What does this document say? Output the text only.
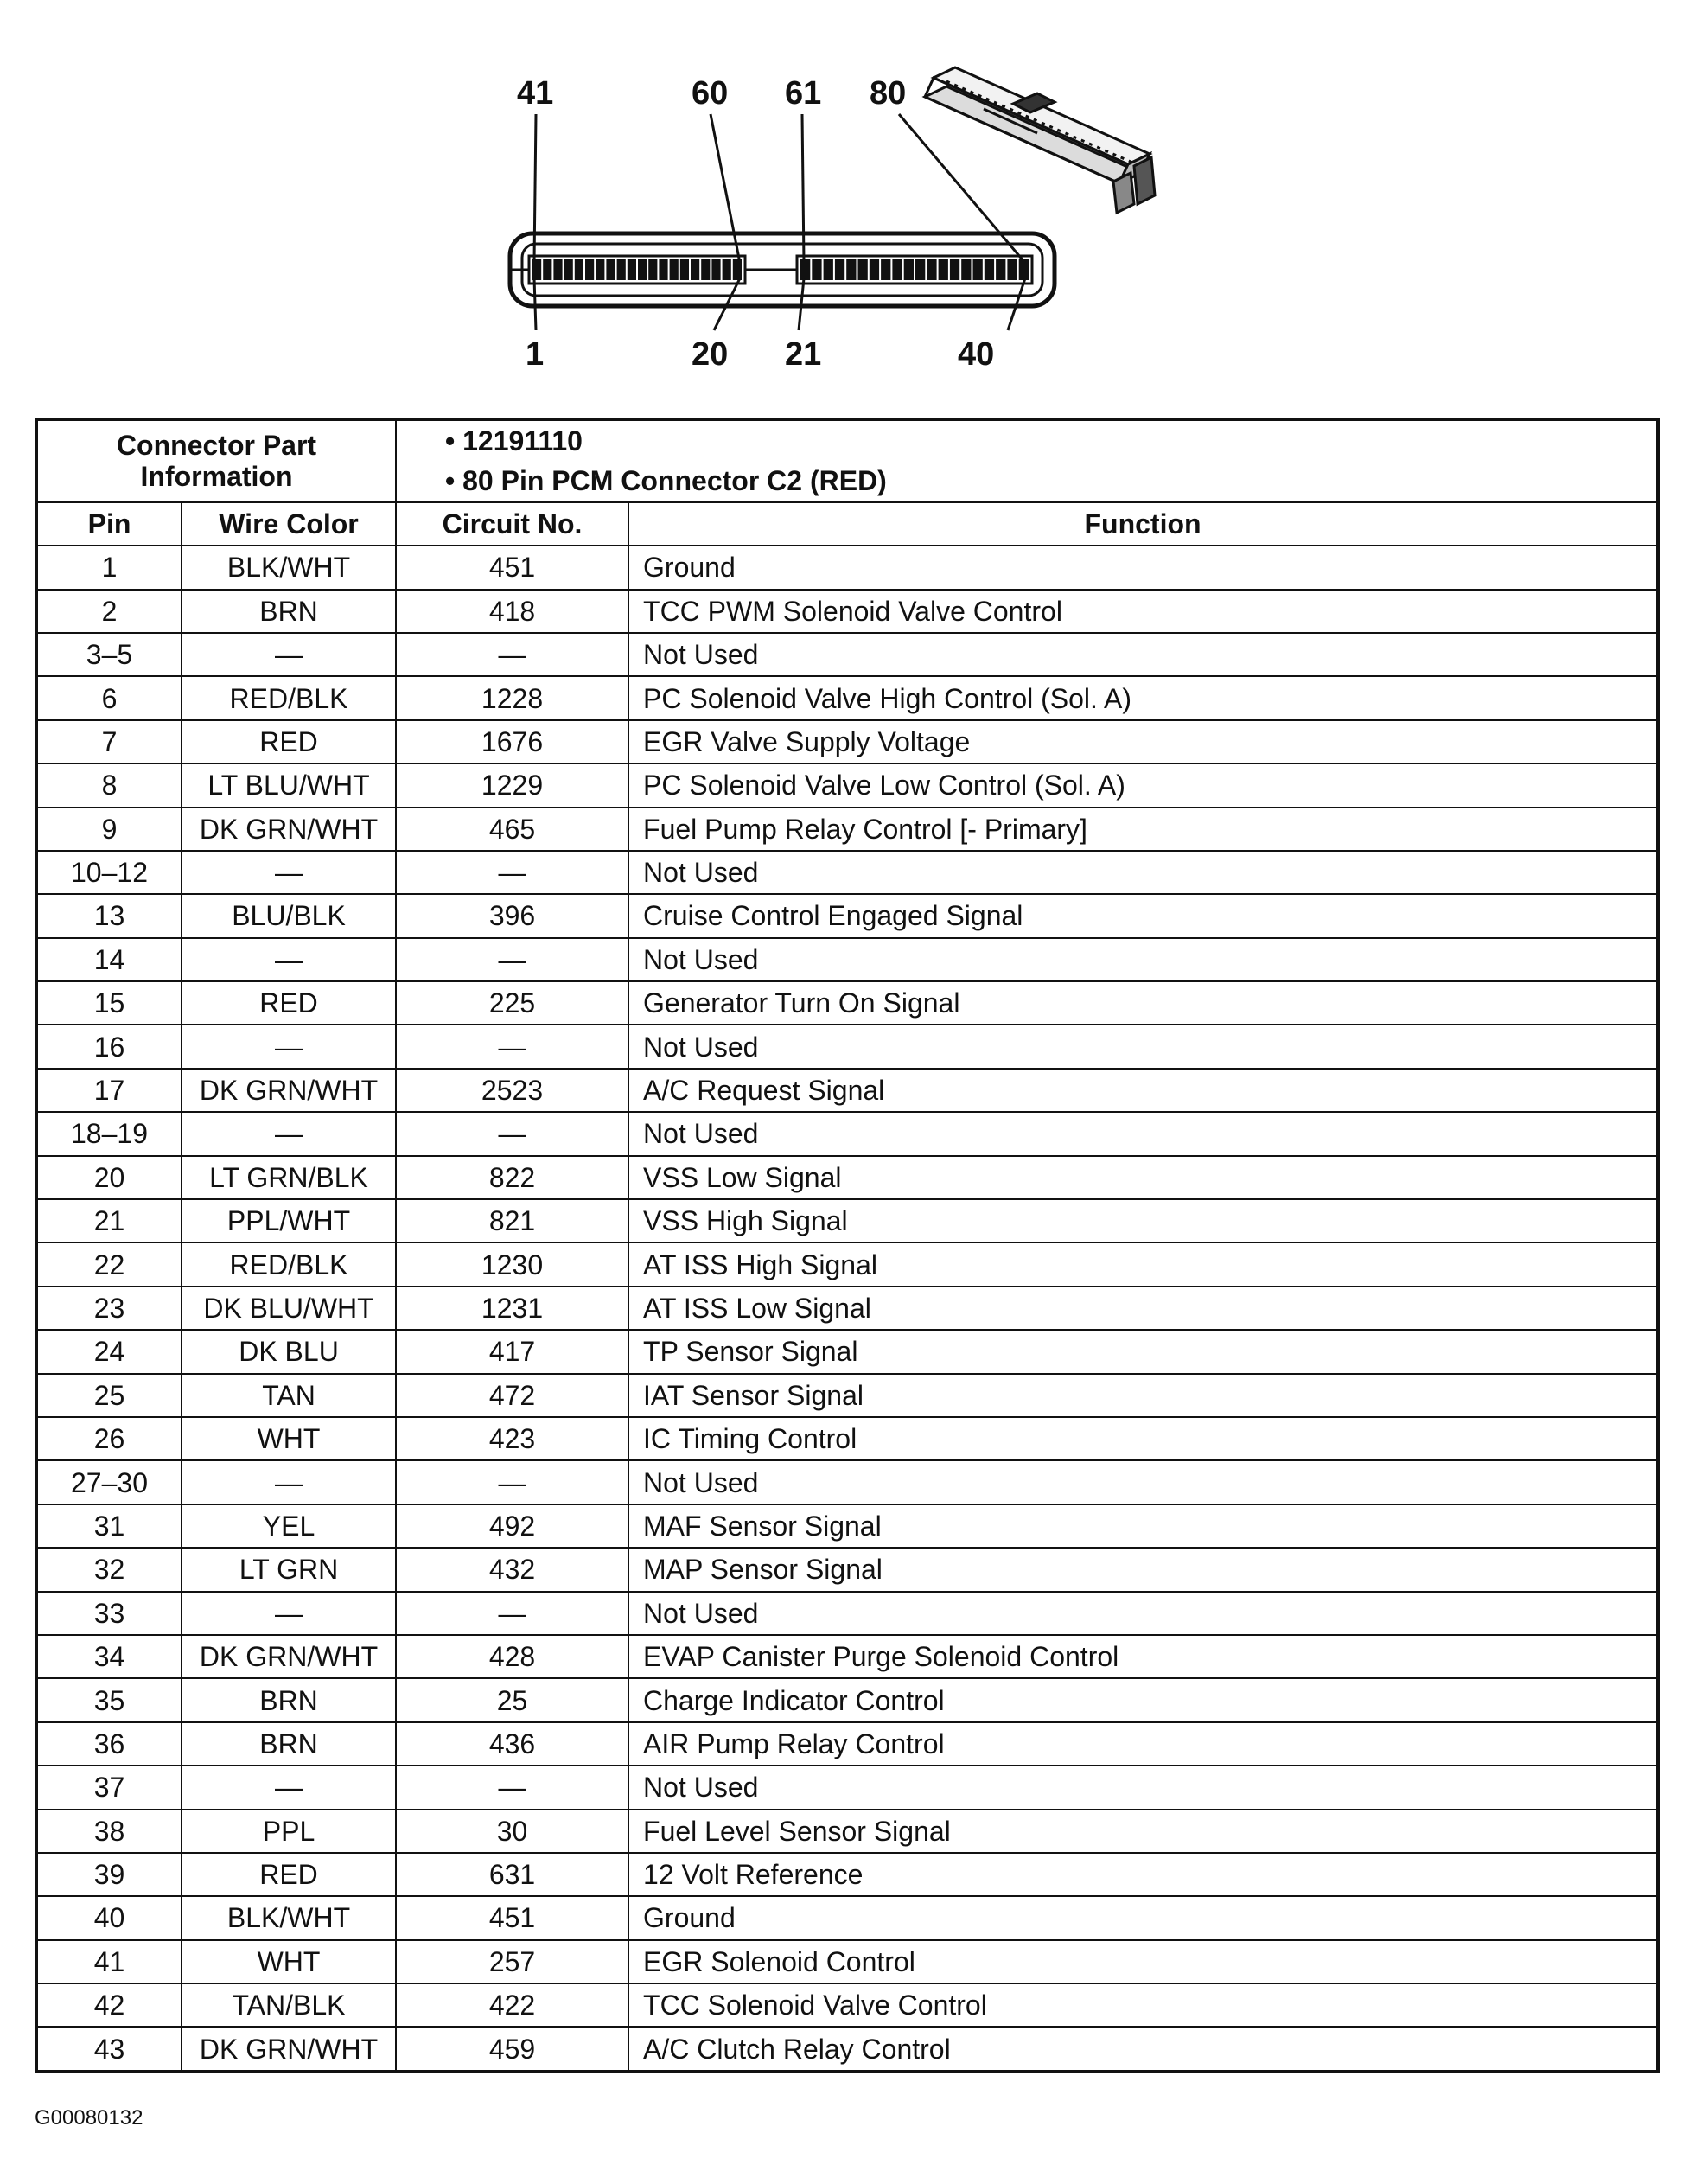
41	60 61 80
1	20 21	40
Connector Part
Information		• 12191110
• 80 Pin PCM Connector C2 (RED)

Pin	Wire Color	Circuit No.	Function
1	BLK/WHT	451	Ground
2	BRN	418	TCC PWM Solenoid Valve Control
3–5	—	—	Not Used
6	RED/BLK	1228	PC Solenoid Valve High Control (Sol. A)
7	RED	1676	EGR Valve Supply Voltage
8	LT BLU/WHT	1229	PC Solenoid Valve Low Control (Sol. A)
9	DK GRN/WHT	465	Fuel Pump Relay Control [- Primary]
10–12	—	—	Not Used
13	BLU/BLK	396	Cruise Control Engaged Signal
14	—	—	Not Used
15	RED	225	Generator Turn On Signal
16	—	—	Not Used
17	DK GRN/WHT	2523	A/C Request Signal
18–19	—	—	Not Used
20	LT GRN/BLK	822	VSS Low Signal
21	PPL/WHT	821	VSS High Signal
22	RED/BLK	1230	AT ISS High Signal
23	DK BLU/WHT	1231	AT ISS Low Signal
24	DK BLU	417	TP Sensor Signal
25	TAN	472	IAT Sensor Signal
26	WHT	423	IC Timing Control
27–30	—	—	Not Used
31	YEL	492	MAF Sensor Signal
32	LT GRN	432	MAP Sensor Signal
33	—	—	Not Used
34	DK GRN/WHT	428	EVAP Canister Purge Solenoid Control
35	BRN	25	Charge Indicator Control
36	BRN	436	AIR Pump Relay Control
37	—	—	Not Used
38	PPL	30	Fuel Level Sensor Signal
39	RED	631	12 Volt Reference
40	BLK/WHT	451	Ground
41	WHT	257	EGR Solenoid Control
42	TAN/BLK	422	TCC Solenoid Valve Control
43	DK GRN/WHT	459	A/C Clutch Relay Control
G00080132
